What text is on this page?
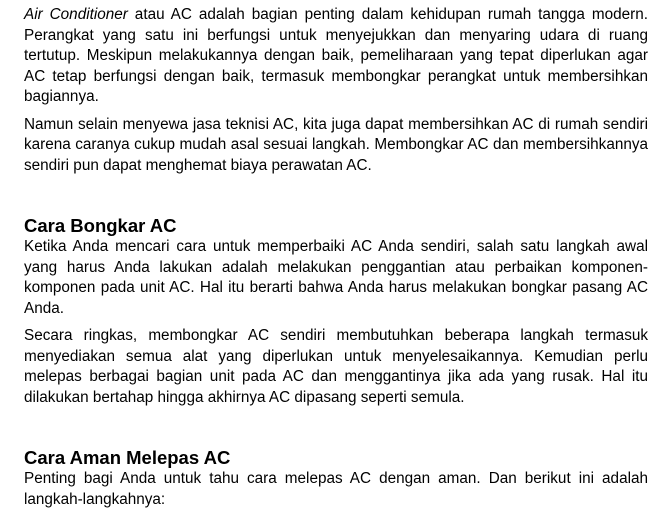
Air Conditioner atau AC adalah bagian penting dalam kehidupan rumah tangga modern. Perangkat yang satu ini berfungsi untuk menyejukkan dan menyaring udara di ruang tertutup. Meskipun melakukannya dengan baik, pemeliharaan yang tepat diperlukan agar AC tetap berfungsi dengan baik, termasuk membongkar perangkat untuk membersihkan bagiannya.

Namun selain menyewa jasa teknisi AC, kita juga dapat membersihkan AC di rumah sendiri karena caranya cukup mudah asal sesuai langkah. Membongkar AC dan membersihkannya sendiri pun dapat menghemat biaya perawatan AC.

Cara Bongkar AC

Ketika Anda mencari cara untuk memperbaiki AC Anda sendiri, salah satu langkah awal yang harus Anda lakukan adalah melakukan penggantian atau perbaikan komponen-komponen pada unit AC. Hal itu berarti bahwa Anda harus melakukan bongkar pasang AC Anda.

Secara ringkas, membongkar AC sendiri membutuhkan beberapa langkah termasuk menyediakan semua alat yang diperlukan untuk menyelesaikannya. Kemudian perlu melepas berbagai bagian unit pada AC dan menggantinya jika ada yang rusak. Hal itu dilakukan bertahap hingga akhirnya AC dipasang seperti semula.

Cara Aman Melepas AC

Penting bagi Anda untuk tahu cara melepas AC dengan aman. Dan berikut ini adalah langkah-langkahnya:
